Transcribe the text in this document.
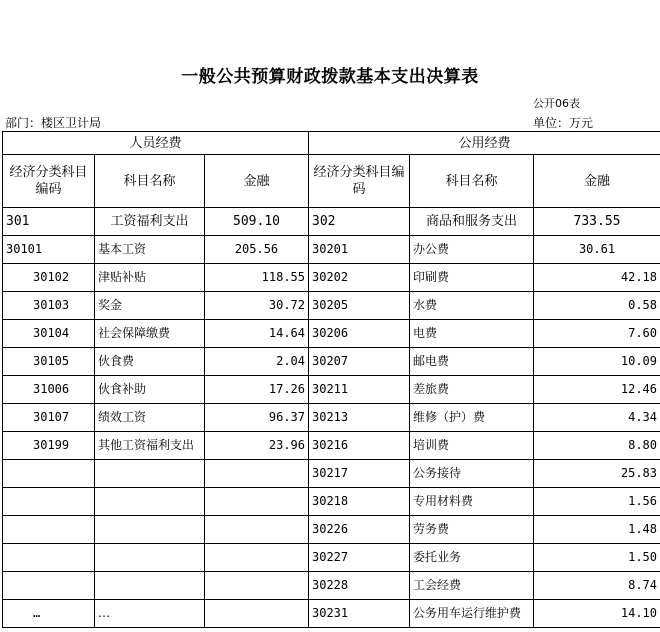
一般公共预算财政拨款基本支出决算表
公开06表
部门：楼区卫计局	单位：万元
人员经费			公用经费		
经济分类科目编码	科目名称	金融	经济分类科目编码	科目名称	金融
301	工资福利支出	509.10	302	商品和服务支出	733.55
30101	基本工资	205.56	30201	办公费	30.61
30102	津贴补贴	118.55	30202	印刷费	42.18
30103	奖金	30.72	30205	水费	0.58
30104	社会保障缴费	14.64	30206	电费	7.60
30105	伙食费	2.04	30207	邮电费	10.09
31006	伙食补助	17.26	30211	差旅费	12.46
30107	绩效工资	96.37	30213	维修（护）费	4.34
30199	其他工资福利支出	23.96	30216	培训费	8.80
			30217	公务接待	25.83
			30218	专用材料费	1.56
			30226	劳务费	1.48
			30227	委托业务	1.50
			30228	工会经费	8.74
…	…		30231	公务用车运行维护费	14.10
